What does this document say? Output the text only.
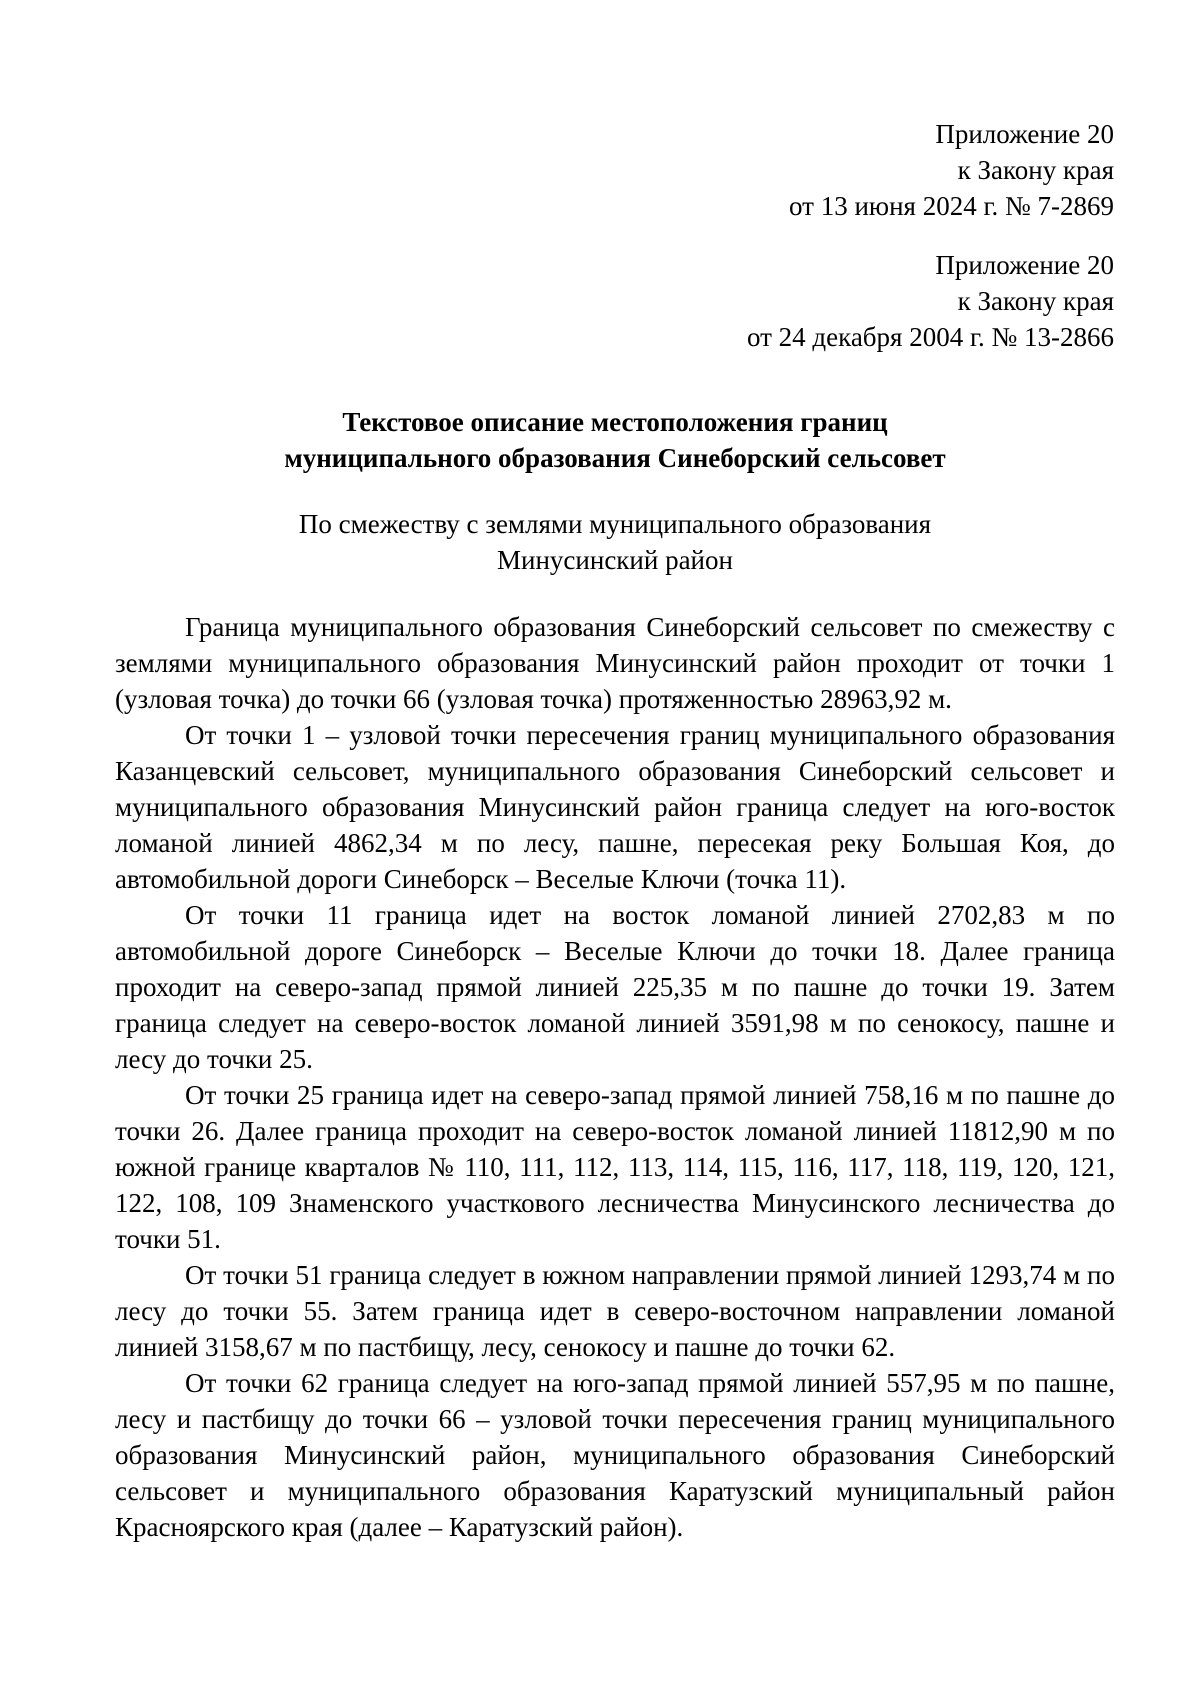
Приложение 20
к Закону края
от 13 июня 2024 г. № 7-2869
Приложение 20
к Закону края
от 24 декабря 2004 г. № 13-2866
Текстовое описание местоположения границ
муниципального образования Синеборский сельсовет
По смежеству с землями муниципального образования
Минусинский район

Граница муниципального образования Синеборский сельсовет по смежеству с землями муниципального образования Минусинский район проходит от точки 1 (узловая точка) до точки 66 (узловая точка) протяженностью 28963,92 м.

От точки 1 – узловой точки пересечения границ муниципального образования Казанцевский сельсовет, муниципального образования Синеборский сельсовет и муниципального образования Минусинский район граница следует на юго-восток ломаной линией 4862,34 м по лесу, пашне, пересекая реку Большая Коя, до автомобильной дороги Синеборск – Веселые Ключи (точка 11).

От точки 11 граница идет на восток ломаной линией 2702,83 м по автомобильной дороге Синеборск – Веселые Ключи до точки 18. Далее граница проходит на северо-запад прямой линией 225,35 м по пашне до точки 19. Затем граница следует на северо-восток ломаной линией 3591,98 м по сенокосу, пашне и лесу до точки 25.

От точки 25 граница идет на северо-запад прямой линией 758,16 м по пашне до точки 26. Далее граница проходит на северо-восток ломаной линией 11812,90 м по южной границе кварталов № 110, 111, 112, 113, 114, 115, 116, 117, 118, 119, 120, 121, 122, 108, 109 Знаменского участкового лесничества Минусинского лесничества до точки 51.

От точки 51 граница следует в южном направлении прямой линией 1293,74 м по лесу до точки 55. Затем граница идет в северо-восточном направлении ломаной линией 3158,67 м по пастбищу, лесу, сенокосу и пашне до точки 62.

От точки 62 граница следует на юго-запад прямой линией 557,95 м по пашне, лесу и пастбищу до точки 66 – узловой точки пересечения границ муниципального образования Минусинский район, муниципального образования Синеборский сельсовет и муниципального образования Каратузский муниципальный район Красноярского края (далее – Каратузский район).
